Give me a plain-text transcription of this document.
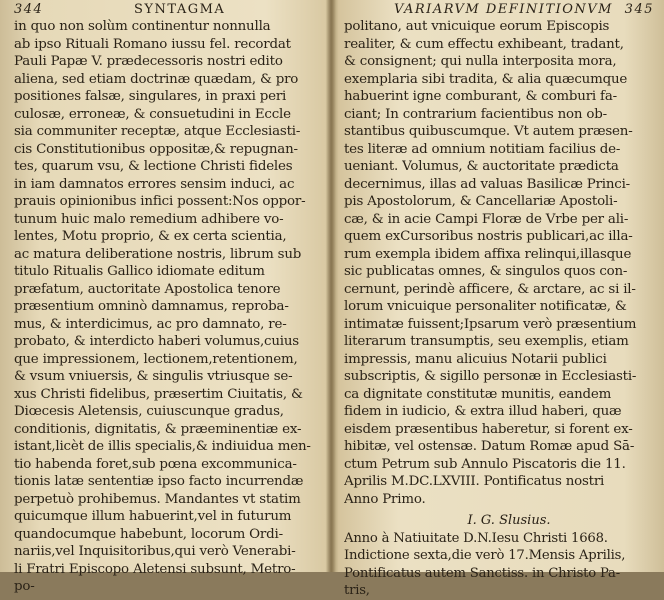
344	SYNTAGMA
in quo non solùm continentur nonnulla
ab ipso Rituali Romano iussu fel. recordat
Pauli Papæ V. prædecessoris nostri edito
aliena, sed etiam doctrinæ quædam, & pro
positiones falsæ, singulares, in praxi peri
culosæ, erroneæ, & consuetudini in Eccle
sia communiter receptæ, atque Ecclesiasti-
cis Constitutionibus oppositæ,& repugnan-
tes, quarum vsu, & lectione Christi fideles
in iam damnatos errores sensim induci, ac
prauis opinionibus infici possent:Nos oppor-
tunum huic malo remedium adhibere vo-
lentes, Motu proprio, & ex certa scientia,
ac matura deliberatione nostris, librum sub
titulo Ritualis Gallico idiomate editum
præfatum, auctoritate Apostolica tenore
præsentium omninò damnamus, reproba-
mus, & interdicimus, ac pro damnato, re-
probato, & interdicto haberi volumus,cuius
que impressionem, lectionem,retentionem,
& vsum vniuersis, & singulis vtriusque se-
xus Christi fidelibus, præsertim Ciuitatis, &
Diœcesis Aletensis, cuiuscunque gradus,
conditionis, dignitatis, & præeminentiæ ex-
istant,licèt de illis specialis,& indiuidua men-
tio habenda foret,sub pœna excommunica-
tionis latæ sententiæ ipso facto incurrendæ
perpetuò prohibemus. Mandantes vt statim
quicumque illum habuerint,vel in futurum
quandocumque habebunt, locorum Ordi-
nariis,vel Inquisitoribus,qui verò Venerabi-
li Fratri Episcopo Aletensi subsunt, Metro-
po-
VARIARVM DEFINITIONVM 345
politano, aut vnicuique eorum Episcopis
realiter, & cum effectu exhibeant, tradant,
& consignent; qui nulla interposita mora,
exemplaria sibi tradita, & alia quæcumque
habuerint igne comburant, & comburi fa-
ciant; In contrarium facientibus non ob-
stantibus quibuscumque. Vt autem præsen-
tes literæ ad omnium notitiam facilius de-
ueniant. Volumus, & auctoritate prædicta
decernimus, illas ad valuas Basilicæ Princi-
pis Apostolorum, & Cancellariæ Apostoli-
cæ, & in acie Campi Floræ de Vrbe per ali-
quem exCursoribus nostris publicari,ac illa-
rum exempla ibidem affixa relinqui,illasque
sic publicatas omnes, & singulos quos con-
cernunt, perindè afficere, & arctare, ac si il-
lorum vnicuique personaliter notificatæ, &
intimatæ fuissent;Ipsarum verò præsentium
literarum transumptis, seu exemplis, etiam
impressis, manu alicuius Notarii publici
subscriptis, & sigillo personæ in Ecclesiasti-
ca dignitate constitutæ munitis, eandem
fidem in iudicio, & extra illud haberi, quæ
eisdem præsentibus haberetur, si forent ex-
hibitæ, vel ostensæ. Datum Romæ apud Sā-
ctum Petrum sub Annulo Piscatoris die 11.
Aprilis M.DC.LXVIII. Pontificatus nostri
Anno Primo.
I. G. Slusius.
Anno à Natiuitate D.N.Iesu Christi 1668.
Indictione sexta,die verò 17.Mensis Aprilis,
Pontificatus autem Sanctiss. in Christo Pa-
tris,
